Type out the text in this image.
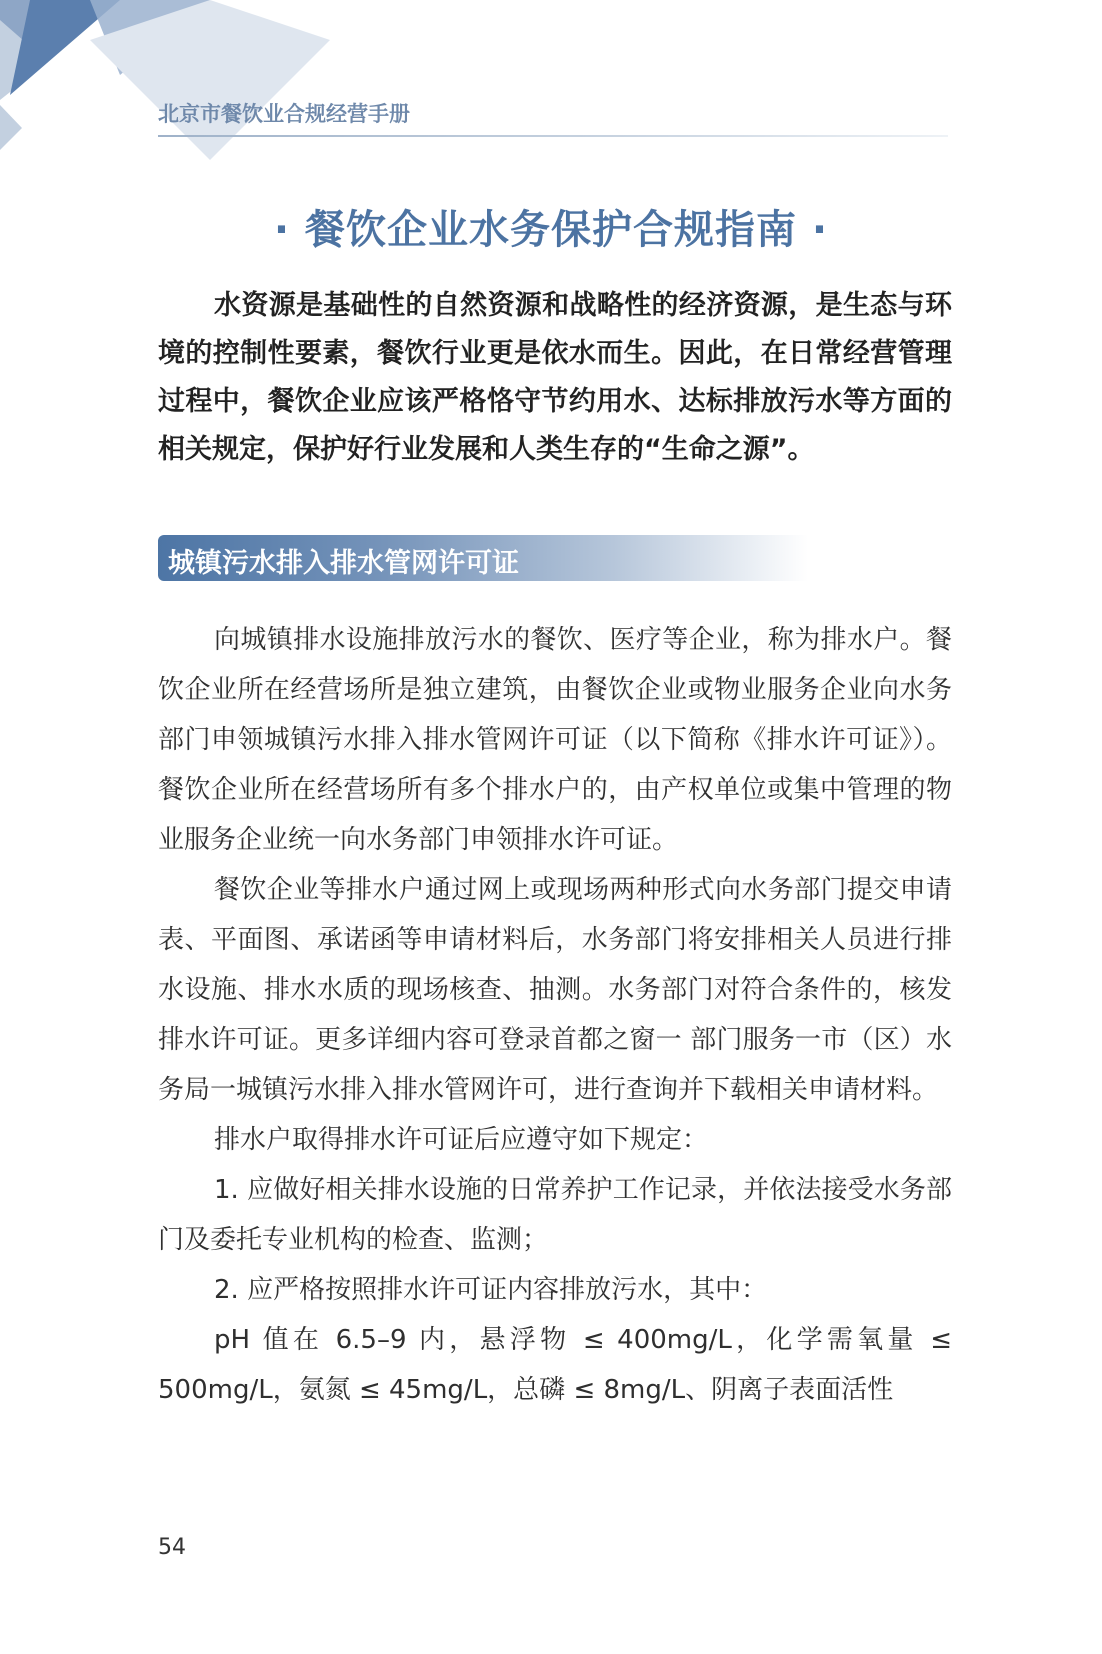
北京市餐饮业合规经营手册
· 餐饮企业水务保护合规指南 ·

水资源是基础性的自然资源和战略性的经济资源，是生态与环境的控制性要素，餐饮行业更是依水而生。因此，在日常经营管理过程中，餐饮企业应该严格恪守节约用水、达标排放污水等方面的相关规定，保护好行业发展和人类生存的“生命之源”。

城镇污水排入排水管网许可证

向城镇排水设施排放污水的餐饮、医疗等企业，称为排水户。餐饮企业所在经营场所是独立建筑，由餐饮企业或物业服务企业向水务部门申领城镇污水排入排水管网许可证（以下简称《排水许可证》）。餐饮企业所在经营场所有多个排水户的，由产权单位或集中管理的物业服务企业统一向水务部门申领排水许可证。

餐饮企业等排水户通过网上或现场两种形式向水务部门提交申请表、平面图、承诺函等申请材料后，水务部门将安排相关人员进行排水设施、排水水质的现场核查、抽测。水务部门对符合条件的，核发排水许可证。更多详细内容可登录首都之窗一 部门服务一市（区）水务局一城镇污水排入排水管网许可，进行查询并下载相关申请材料。

排水户取得排水许可证后应遵守如下规定：

1. 应做好相关排水设施的日常养护工作记录，并依法接受水务部门及委托专业机构的检查、监测；

2. 应严格按照排水许可证内容排放污水，其中：

pH 值在 6.5–9 内，悬浮物 ≤ 400mg/L，化学需氧量 ≤ 500mg/L，氨氮 ≤ 45mg/L，总磷 ≤ 8mg/L、阴离子表面活性

54
